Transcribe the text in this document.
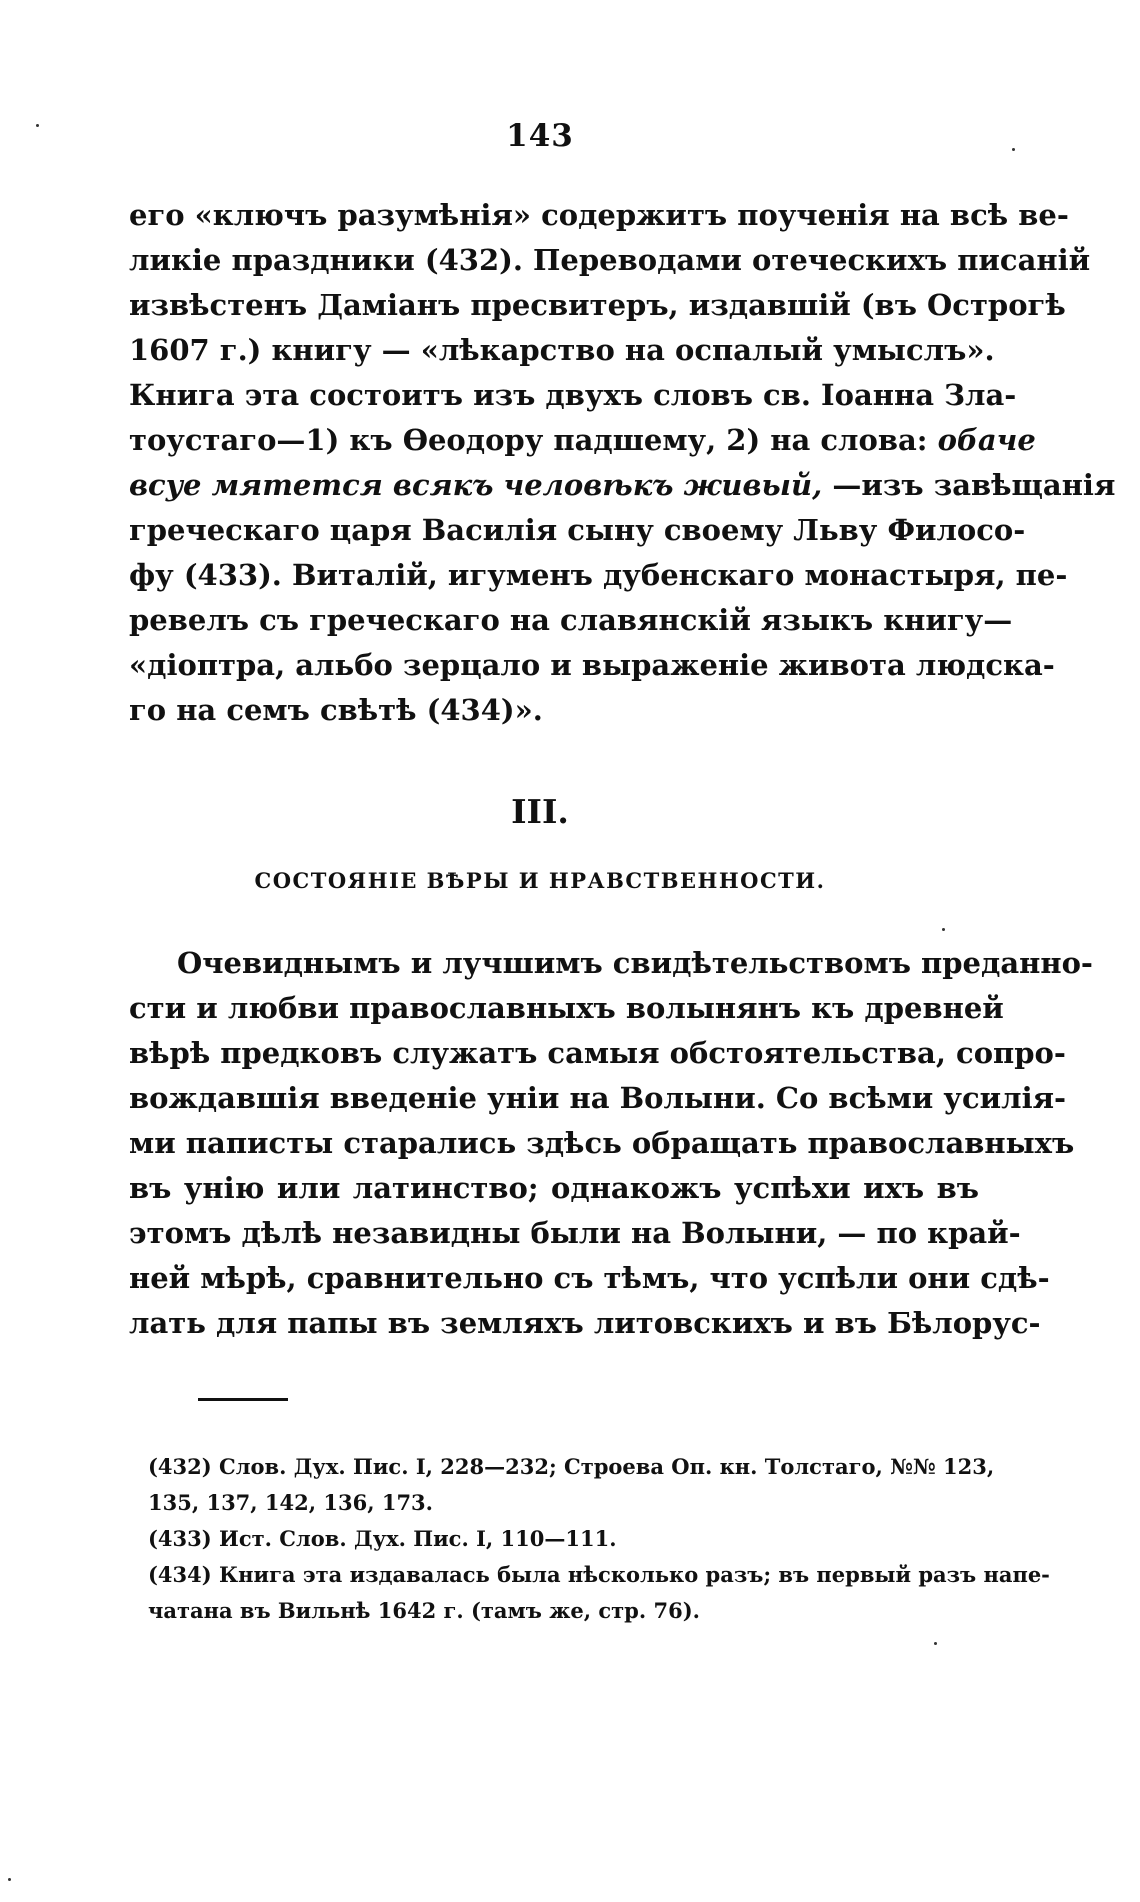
143
его «ключъ разумѣнія» содержитъ поученія на всѣ ве-
ликіе праздники (432). Переводами отеческихъ писаній
извѣстенъ Даміанъ пресвитеръ, издавшій (въ Острогѣ
1607 г.) книгу — «лѣкарство на оспалый умыслъ».
Книга эта состоитъ изъ двухъ словъ св. Іоанна Зла-
тоустаго—1) къ Ѳеодору падшему, 2) на слова: обаче
всуе мятется всякъ человѣкъ живый, —изъ завѣщанія
греческаго царя Василія сыну своему Льву Филосо-
фу (433). Виталій, игуменъ дубенскаго монастыря, пе-
ревелъ съ греческаго на славянскій языкъ книгу—
«діоптра, альбо зерцало и выраженіе живота людска-
го на семъ свѣтѣ (434)».
III.
СОСТОЯНІЕ ВѢРЫ И НРАВСТВЕННОСТИ.
Очевиднымъ и лучшимъ свидѣтельствомъ преданно-
сти и любви православныхъ волынянъ къ древней
вѣрѣ предковъ служатъ самыя обстоятельства, сопро-
вождавшія введеніе уніи на Волыни. Со всѣми усилія-
ми паписты старались здѣсь обращать православныхъ
въ унію или латинство; однакожъ успѣхи ихъ въ
этомъ дѣлѣ незавидны были на Волыни, — по край-
ней мѣрѣ, сравнительно съ тѣмъ, что успѣли они сдѣ-
лать для папы въ земляхъ литовскихъ и въ Бѣлорус-
(432) Слов. Дух. Пис. I, 228—232; Строева Оп. кн. Толстаго, №№ 123,
135, 137, 142, 136, 173.
(433) Ист. Слов. Дух. Пис. I, 110—111.
(434) Книга эта издавалась была нѣсколько разъ; въ первый разъ напе-
чатана въ Вильнѣ 1642 г. (тамъ же, стр. 76).
